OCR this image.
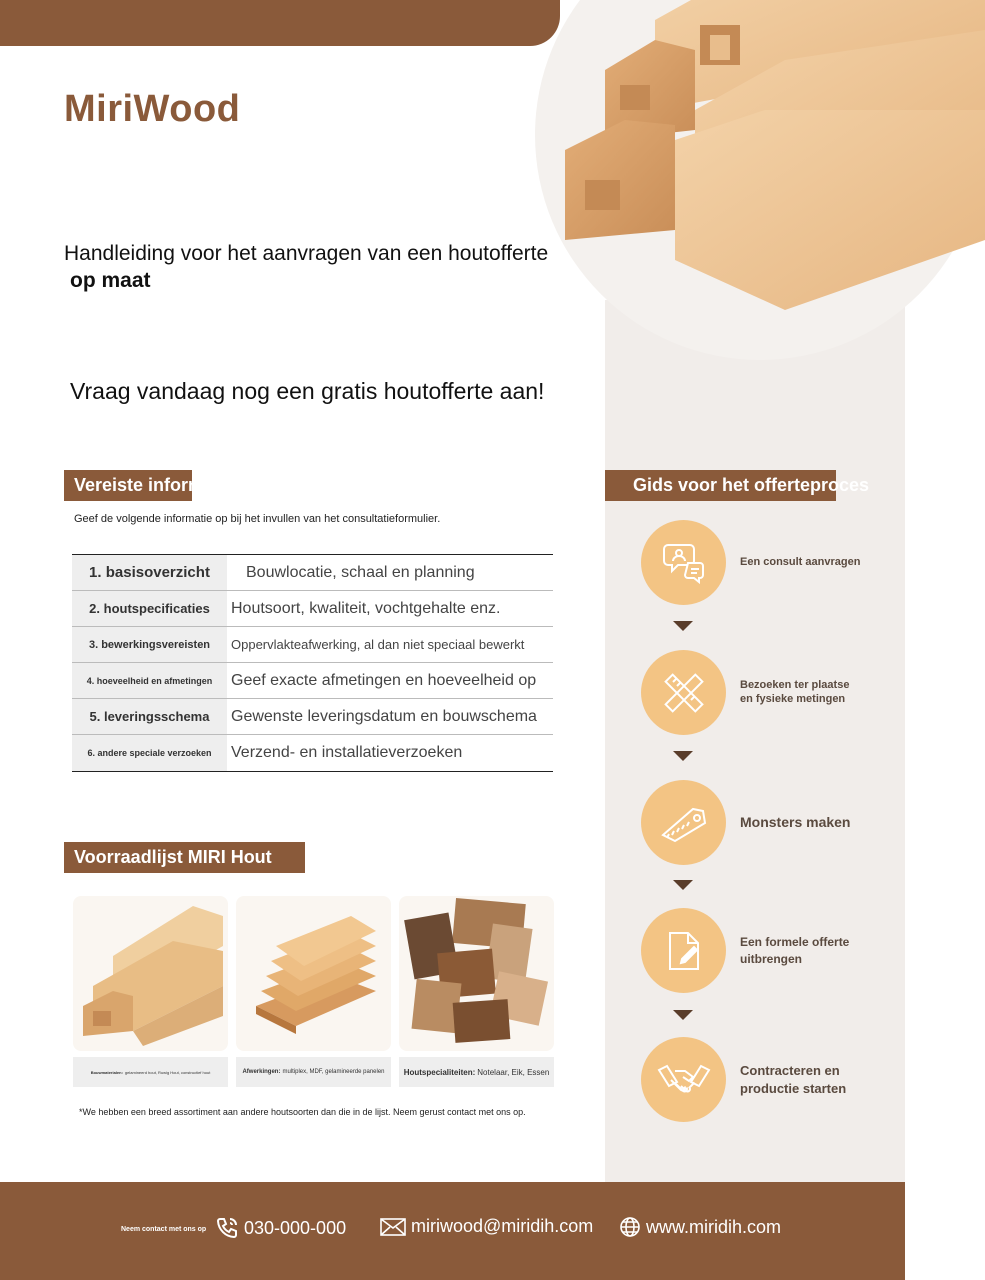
MiriWood
Handleiding voor het aanvragen van een houtofferte
op maat
Vraag vandaag nog een gratis houtofferte aan!
Vereiste informatie
Geef de volgende informatie op bij het invullen van het consultatieformulier.
1. basisoverzicht	Bouwlocatie, schaal en planning
2. houtspecificaties	Houtsoort, kwaliteit, vochtgehalte enz.
3. bewerkingsvereisten	Oppervlakteafwerking, al dan niet speciaal bewerkt
4. hoeveelheid en afmetingen	Geef exacte afmetingen en hoeveelheid op
5. leveringsschema	Gewenste leveringsdatum en bouwschema
6. andere speciale verzoeken	Verzend- en installatieverzoeken
Voorraadlijst MIRI Hout
Bouwmaterialen: gelamineerd hout, Ruwig Hout, constructief hout	Afwerkingen: multiplex, MDF, gelamineerde panelen Houtspecialiteiten: Notelaar, Eik, Essen
*We hebben een breed assortiment aan andere houtsoorten dan die in de lijst. Neem gerust contact met ons op.
Gids voor het offerteproces
Een consult aanvragen
Bezoeken ter plaatse en fysieke metingen
Monsters maken
Een formele offerte uitbrengen
Contracteren en productie starten
Neem contact met ons op 030-000-000	miriwood@miridih.com	www.miridih.com
